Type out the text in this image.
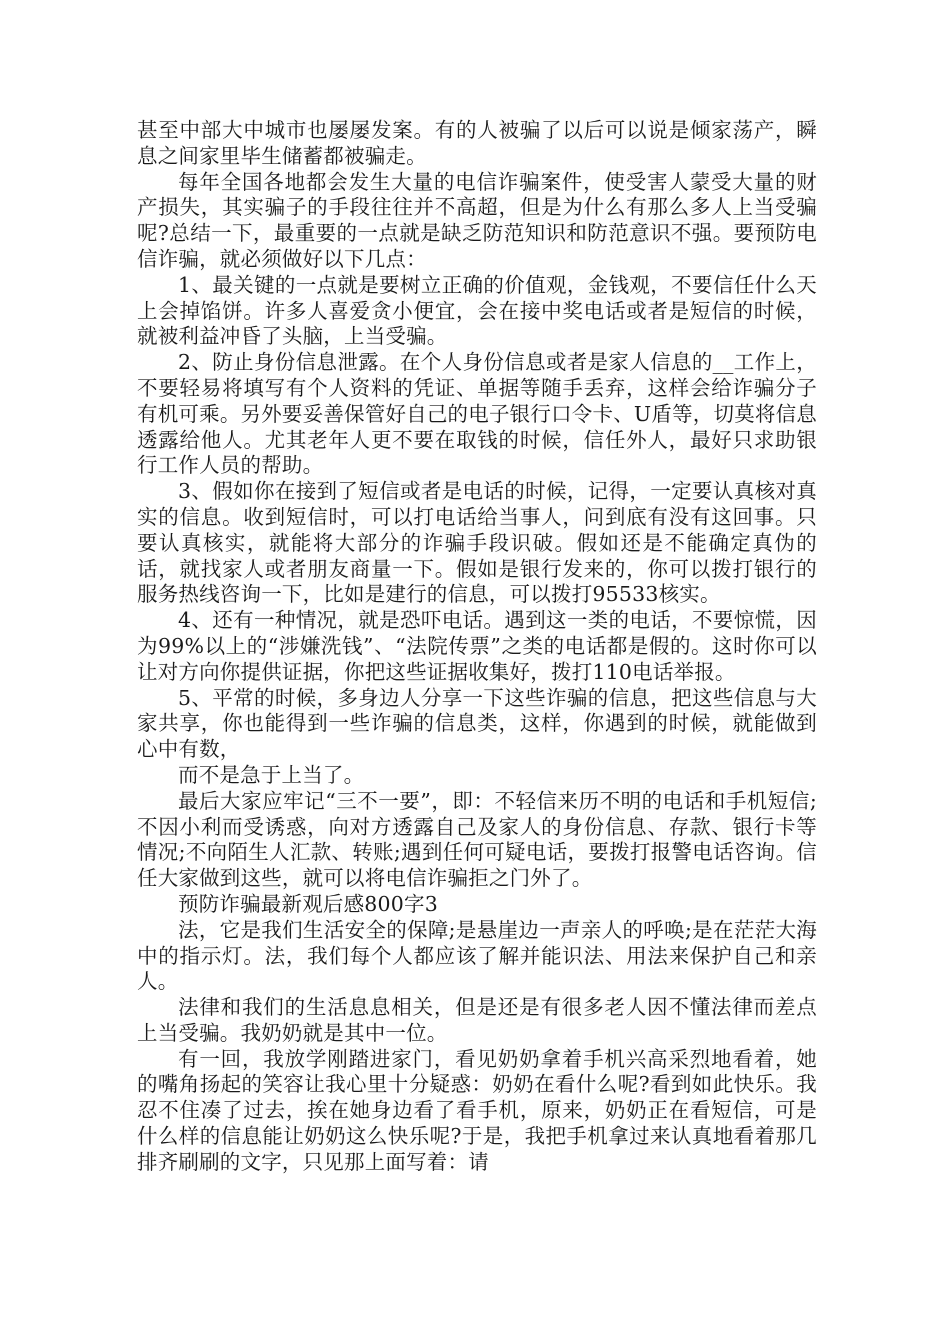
甚至中部大中城市也屡屡发案。有的人被骗了以后可以说是倾家荡产，瞬息之间家里毕生储蓄都被骗走。

每年全国各地都会发生大量的电信诈骗案件，使受害人蒙受大量的财产损失，其实骗子的手段往往并不高超，但是为什么有那么多人上当受骗呢?总结一下，最重要的一点就是缺乏防范知识和防范意识不强。要预防电信诈骗，就必须做好以下几点：

1、最关键的一点就是要树立正确的价值观，金钱观，不要信任什么天上会掉馅饼。许多人喜爱贪小便宜，会在接中奖电话或者是短信的时候，就被利益冲昏了头脑，上当受骗。

2、防止身份信息泄露。在个人身份信息或者是家人信息的__工作上，不要轻易将填写有个人资料的凭证、单据等随手丢弃，这样会给诈骗分子有机可乘。另外要妥善保管好自己的电子银行口令卡、U盾等，切莫将信息透露给他人。尤其老年人更不要在取钱的时候，信任外人，最好只求助银行工作人员的帮助。

3、假如你在接到了短信或者是电话的时候，记得，一定要认真核对真实的信息。收到短信时，可以打电话给当事人，问到底有没有这回事。只要认真核实，就能将大部分的诈骗手段识破。假如还是不能确定真伪的话，就找家人或者朋友商量一下。假如是银行发来的，你可以拨打银行的服务热线咨询一下，比如是建行的信息，可以拨打95533核实。

4、还有一种情况，就是恐吓电话。遇到这一类的电话，不要惊慌，因为99%以上的“涉嫌洗钱”、“法院传票”之类的电话都是假的。这时你可以让对方向你提供证据，你把这些证据收集好，拨打110电话举报。

5、平常的时候，多身边人分享一下这些诈骗的信息，把这些信息与大家共享，你也能得到一些诈骗的信息类，这样，你遇到的时候，就能做到心中有数，

而不是急于上当了。

最后大家应牢记“三不一要”，即：不轻信来历不明的电话和手机短信;不因小利而受诱惑，向对方透露自己及家人的身份信息、存款、银行卡等情况;不向陌生人汇款、转账;遇到任何可疑电话，要拨打报警电话咨询。信任大家做到这些，就可以将电信诈骗拒之门外了。

预防诈骗最新观后感800字3

法，它是我们生活安全的保障;是悬崖边一声亲人的呼唤;是在茫茫大海中的指示灯。法，我们每个人都应该了解并能识法、用法来保护自己和亲人。

法律和我们的生活息息相关，但是还是有很多老人因不懂法律而差点上当受骗。我奶奶就是其中一位。

有一回，我放学刚踏进家门，看见奶奶拿着手机兴高采烈地看着，她的嘴角扬起的笑容让我心里十分疑惑：奶奶在看什么呢?看到如此快乐。我忍不住凑了过去，挨在她身边看了看手机，原来，奶奶正在看短信，可是什么样的信息能让奶奶这么快乐呢?于是，我把手机拿过来认真地看着那几排齐刷刷的文字，只见那上面写着：请
